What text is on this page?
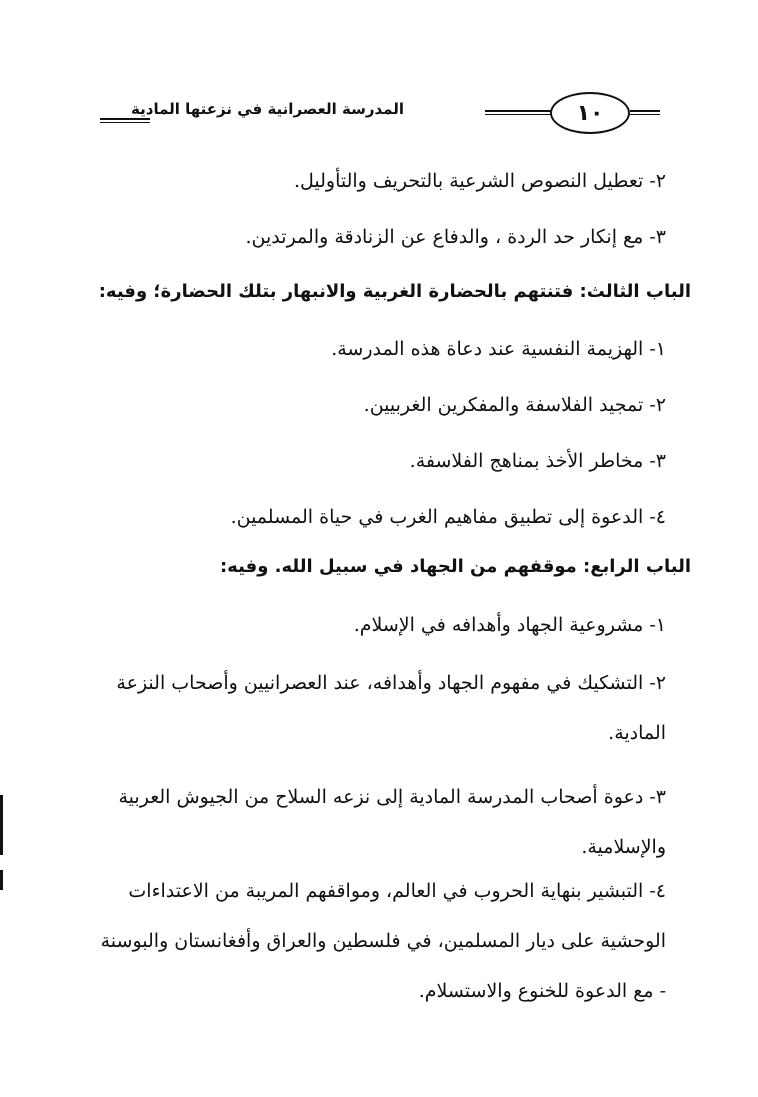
المدرسة العصرانية في نزعتها المادية	١٠
٢- تعطيل النصوص الشرعية بالتحريف والتأوليل.
٣- مع إنكار حد الردة ، والدفاع عن الزنادقة والمرتدين.
الباب الثالث: فتنتهم بالحضارة الغربية والانبهار بتلك الحضارة؛ وفيه:
١- الهزيمة النفسية عند دعاة هذه المدرسة.
٢- تمجيد الفلاسفة والمفكرين الغربيين.
٣- مخاطر الأخذ بمناهج الفلاسفة.
٤- الدعوة إلى تطبيق مفاهيم الغرب في حياة المسلمين.
الباب الرابع: موقفهم من الجهاد في سبيل الله. وفيه:
١- مشروعية الجهاد وأهدافه في الإسلام.
٢- التشكيك في مفهوم الجهاد وأهدافه، عند العصرانيين وأصحاب النزعة المادية.
٣- دعوة أصحاب المدرسة المادية إلى نزعه السلاح من الجيوش العربية والإسلامية.
٤- التبشير بنهاية الحروب في العالم، ومواقفهم المريبة من الاعتداءات الوحشية على ديار المسلمين، في فلسطين والعراق وأفغانستان والبوسنة - مع الدعوة للخنوع والاستسلام.
